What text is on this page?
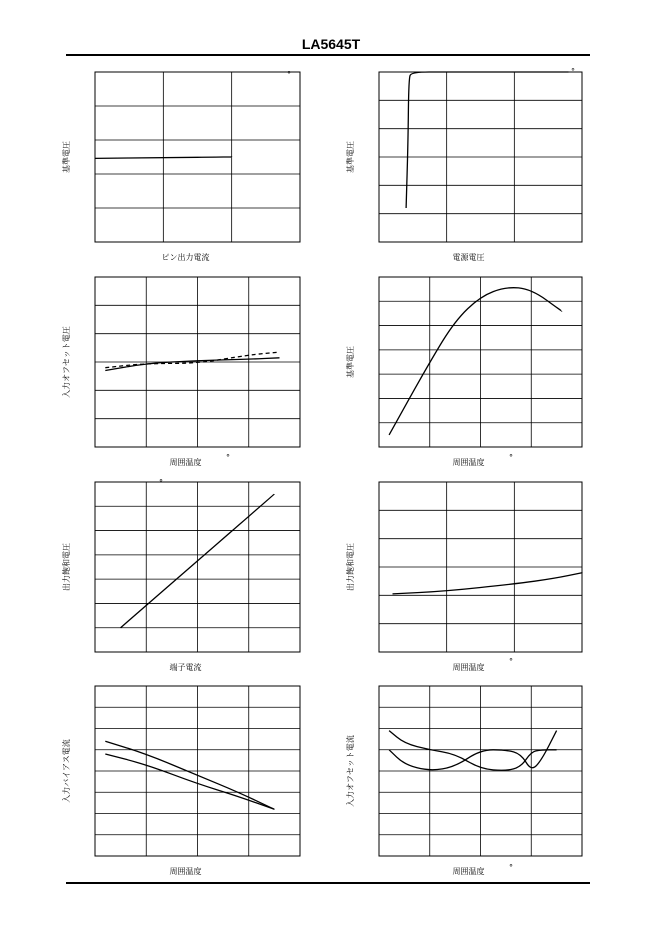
LA5645T
ピン出力電流
基準電圧
°
電源電圧
基準電圧
°
周囲温度
入力オフセット電圧
°
周囲温度
基準電圧
°
端子電流
出力飽和電圧
°
周囲温度
出力飽和電圧
°
周囲温度
入力バイアス電流
周囲温度
入力オフセット電流
°
